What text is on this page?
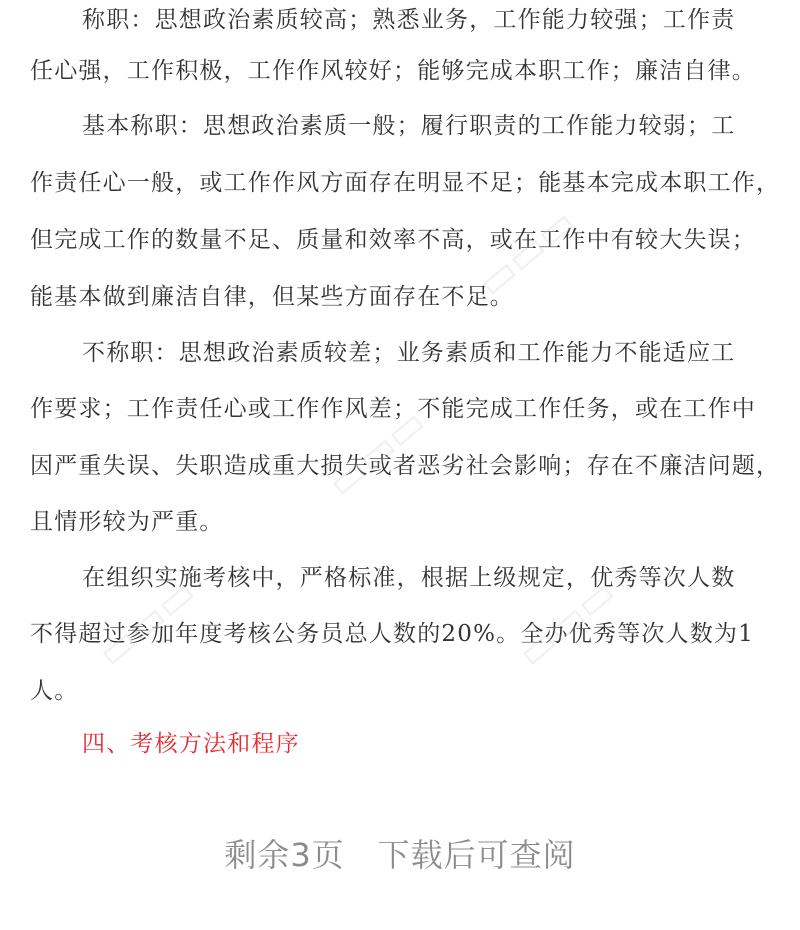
称职：思想政治素质较高；熟悉业务，工作能力较强；工作责
任心强，工作积极，工作作风较好；能够完成本职工作；廉洁自律。
基本称职：思想政治素质一般；履行职责的工作能力较弱；工
作责任心一般，或工作作风方面存在明显不足；能基本完成本职工作，
但完成工作的数量不足、质量和效率不高，或在工作中有较大失误；
能基本做到廉洁自律，但某些方面存在不足。
不称职：思想政治素质较差；业务素质和工作能力不能适应工
作要求；工作责任心或工作作风差；不能完成工作任务，或在工作中
因严重失误、失职造成重大损失或者恶劣社会影响；存在不廉洁问题，
且情形较为严重。
在组织实施考核中，严格标准，根据上级规定，优秀等次人数
不得超过参加年度考核公务员总人数的20%。全办优秀等次人数为1
人。
四、考核方法和程序
▭▭▭
▭▭▭
▭▭▭
▭▭▭
剩余3页　下载后可查阅
